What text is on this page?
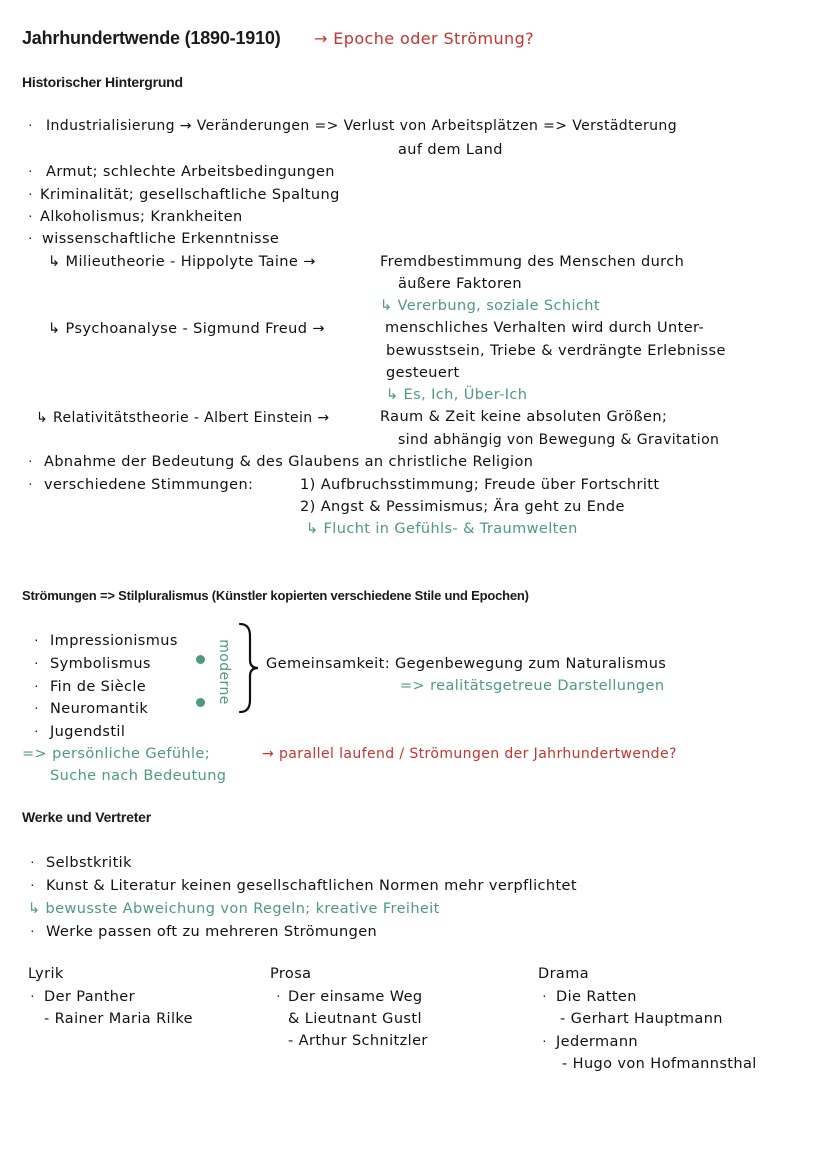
Jahrhundertwende (1890-1910) → Epoche oder Strömung?
Historischer Hintergrund
· Industrialisierung → Veränderungen => Verlust von Arbeitsplätzen => Verstädterung
auf dem Land
· Armut; schlechte Arbeitsbedingungen
· Kriminalität; gesellschaftliche Spaltung
· Alkoholismus; Krankheiten
· wissenschaftliche Erkenntnisse
↳ Milieutheorie - Hippolyte Taine →	Fremdbestimmung des Menschen durch
äußere Faktoren
↳ Vererbung, soziale Schicht
↳ Psychoanalyse - Sigmund Freud →	menschliches Verhalten wird durch Unter-
bewusstsein, Triebe & verdrängte Erlebnisse
gesteuert
↳ Es, Ich, Über-Ich
↳ Relativitätstheorie - Albert Einstein →	Raum & Zeit keine absoluten Größen;
sind abhängig von Bewegung & Gravitation
· Abnahme der Bedeutung & des Glaubens an christliche Religion
· verschiedene Stimmungen:	1) Aufbruchsstimmung; Freude über Fortschritt
2) Angst & Pessimismus; Ära geht zu Ende
↳ Flucht in Gefühls- & Traumwelten
Strömungen => Stilpluralismus (Künstler kopierten verschiedene Stile und Epochen)
· Impressionismus
· Symbolismus
· Fin de Siècle
· Neuromantik
· Jugendstil
moderne Gemeinsamkeit: Gegenbewegung zum Naturalismus
=> realitätsgetreue Darstellungen
=> persönliche Gefühle;	→ parallel laufend / Strömungen der Jahrhundertwende?
Suche nach Bedeutung
Werke und Vertreter
· Selbstkritik
· Kunst & Literatur keinen gesellschaftlichen Normen mehr verpflichtet
↳ bewusste Abweichung von Regeln; kreative Freiheit
· Werke passen oft zu mehreren Strömungen
Lyrik
· Der Panther
- Rainer Maria Rilke
Prosa
· Der einsame Weg
& Lieutnant Gustl
- Arthur Schnitzler
Drama
· Die Ratten
- Gerhart Hauptmann
· Jedermann
- Hugo von Hofmannsthal
